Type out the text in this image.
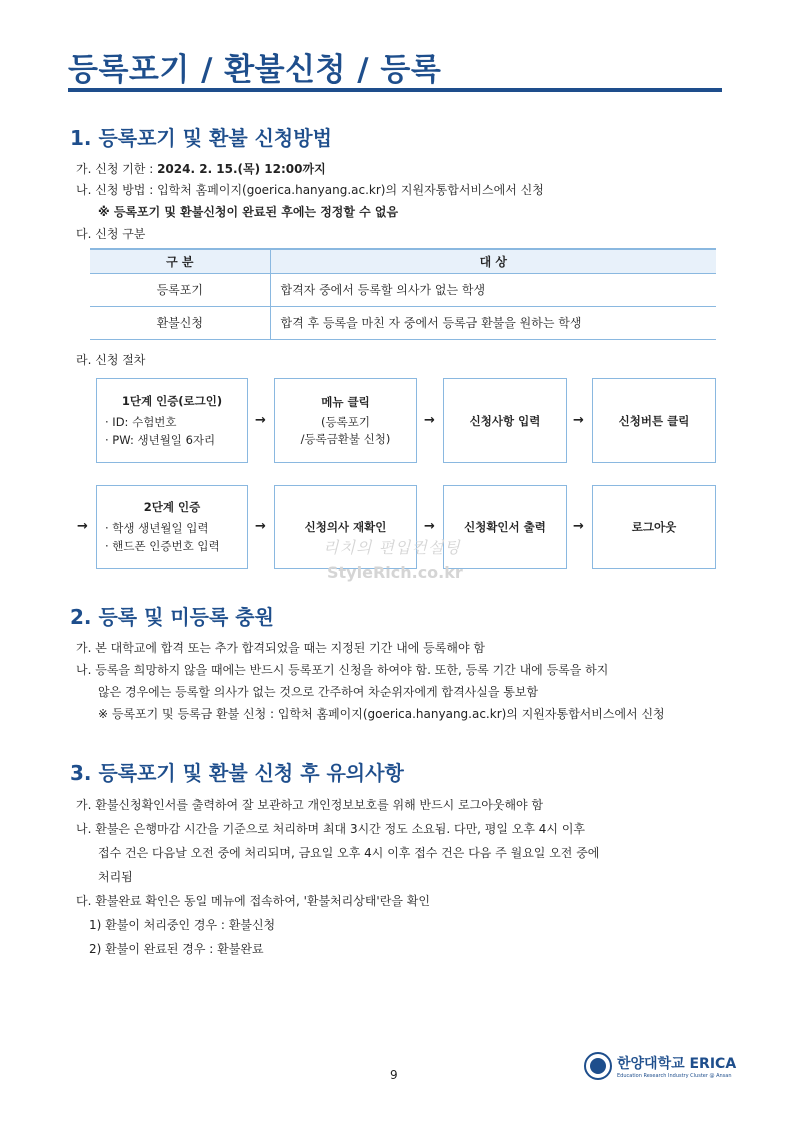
등록포기 / 환불신청 / 등록
1. 등록포기 및 환불 신청방법
가. 신청 기한 : 2024. 2. 15.(목) 12:00까지
나. 신청 방법 : 입학처 홈페이지(goerica.hanyang.ac.kr)의 지원자통합서비스에서 신청
※ 등록포기 및 환불신청이 완료된 후에는 정정할 수 없음
다. 신청 구분
구 분	대 상
등록포기	합격자 중에서 등록할 의사가 없는 학생
환불신청	합격 후 등록을 마친 자 중에서 등록금 환불을 원하는 학생
라. 신청 절차
1단계 인증(로그인)
· ID: 수험번호
· PW: 생년월일 6자리
→
메뉴 클릭
(등록포기
/등록금환불 신청)
→	신청사항 입력	→	신청버튼 클릭
→
2단계 인증
· 학생 생년월일 입력
· 핸드폰 인증번호 입력
→	신청의사 재확인	→	신청확인서 출력 →	로그아웃
리치의 편입컨설팅
StyleRich.co.kr
2. 등록 및 미등록 충원
가. 본 대학교에 합격 또는 추가 합격되었을 때는 지정된 기간 내에 등록해야 함
나. 등록을 희망하지 않을 때에는 반드시 등록포기 신청을 하여야 함. 또한, 등록 기간 내에 등록을 하지
않은 경우에는 등록할 의사가 없는 것으로 간주하여 차순위자에게 합격사실을 통보함
※ 등록포기 및 등록금 환불 신청 : 입학처 홈페이지(goerica.hanyang.ac.kr)의 지원자통합서비스에서 신청
3. 등록포기 및 환불 신청 후 유의사항
가. 환불신청확인서를 출력하여 잘 보관하고 개인정보보호를 위해 반드시 로그아웃해야 함
나. 환불은 은행마감 시간을 기준으로 처리하며 최대 3시간 정도 소요됨. 다만, 평일 오후 4시 이후
접수 건은 다음날 오전 중에 처리되며, 금요일 오후 4시 이후 접수 건은 다음 주 월요일 오전 중에
처리됨
다. 환불완료 확인은 동일 메뉴에 접속하여, '환불처리상태'란을 확인
1) 환불이 처리중인 경우 : 환불신청
2) 환불이 완료된 경우 : 환불완료
9
한양대학교 ERICA
Education Research Industry Cluster @ Ansan
